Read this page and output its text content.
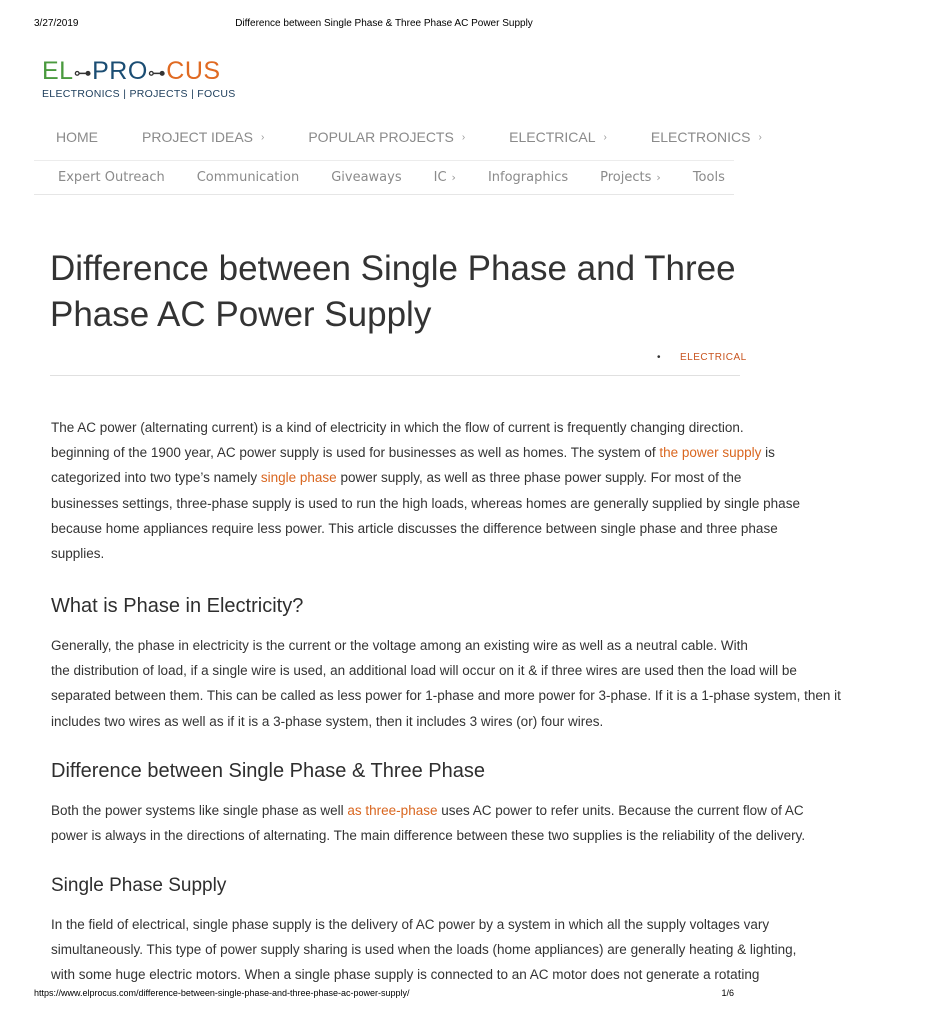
3/27/2019	Difference between Single Phase & Three Phase AC Power Supply
EL⊶PRO⊶CUS
ELECTRONICS | PROJECTS | FOCUS
HOME	PROJECT IDEAS ›	POPULAR PROJECTS ›	ELECTRICAL ›	ELECTRONICS ›
Expert Outreach Communication Giveaways IC › Infographics Projects › Tools
Difference between Single Phase and Three
Phase AC Power Supply
• ELECTRICAL
The AC power (alternating current) is a kind of electricity in which the flow of current is frequently changing direction.
beginning of the 1900 year, AC power supply is used for businesses as well as homes. The system of the power supply is
categorized into two type’s namely single phase power supply, as well as three phase power supply. For most of the
businesses settings, three-phase supply is used to run the high loads, whereas homes are generally supplied by single phase
because home appliances require less power. This article discusses the difference between single phase and three phase
supplies.
What is Phase in Electricity?
Generally, the phase in electricity is the current or the voltage among an existing wire as well as a neutral cable. With
the distribution of load, if a single wire is used, an additional load will occur on it & if three wires are used then the load will be
separated between them. This can be called as less power for 1-phase and more power for 3-phase. If it is a 1-phase system, then it
includes two wires as well as if it is a 3-phase system, then it includes 3 wires (or) four wires.
Difference between Single Phase & Three Phase
Both the power systems like single phase as well as three-phase uses AC power to refer units. Because the current flow of AC
power is always in the directions of alternating. The main difference between these two supplies is the reliability of the delivery.
Single Phase Supply
In the field of electrical, single phase supply is the delivery of AC power by a system in which all the supply voltages vary
simultaneously. This type of power supply sharing is used when the loads (home appliances) are generally heating & lighting,
with some huge electric motors. When a single phase supply is connected to an AC motor does not generate a rotating
https://www.elprocus.com/difference-between-single-phase-and-three-phase-ac-power-supply/	1/6
